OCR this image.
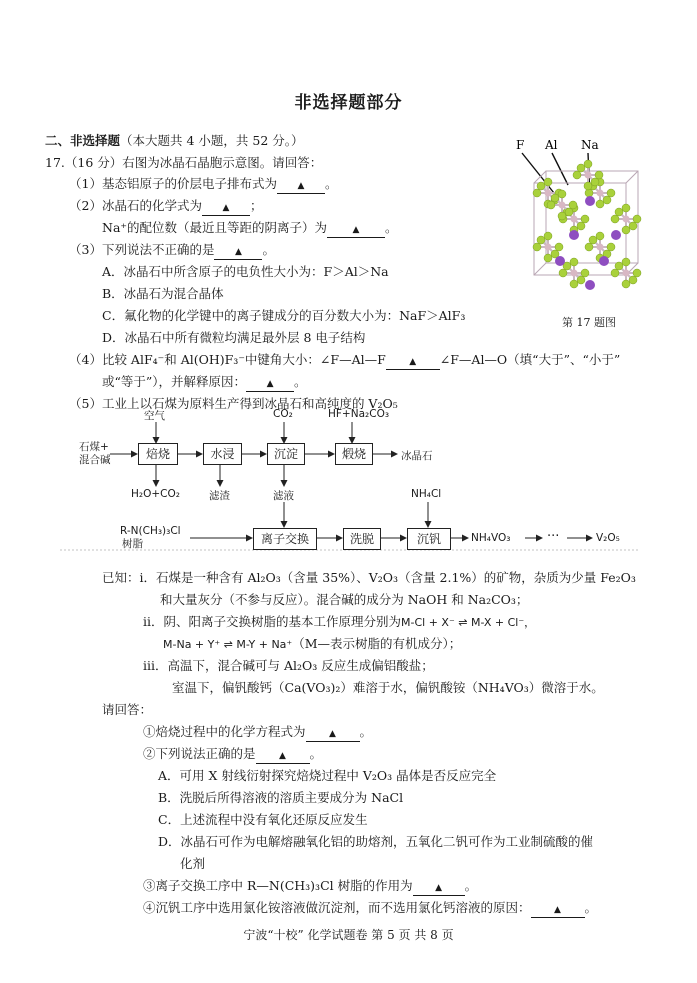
非选择题部分
二、非选择题（本大题共 4 小题，共 52 分。）
17.（16 分）右图为冰晶石晶胞示意图。请回答：
（1）基态铝原子的价层电子排布式为 ▲ 。
（2）冰晶石的化学式为 ▲ ；
Na⁺的配位数（最近且等距的阴离子）为	▲ 。
（3）下列说法不正确的是 ▲ 。
A．冰晶石中所含原子的电负性大小为：F＞Al＞Na
B．冰晶石为混合晶体
C．氟化物的化学键中的离子键成分的百分数大小为：NaF＞AlF₃
D．冰晶石中所有微粒均满足最外层 8 电子结构
（4）比较 AlF₄⁻和 Al(OH)F₃⁻中键角大小：∠F—Al—F	▲ ∠F—Al—O（填“大于”、“小于”
或“等于”），并解释原因： ▲ 。
（5）工业上以石煤为原料生产得到冰晶石和高纯度的 V₂O₅
F Al Na
第 17 题图
石煤+
混合碱	焙烧	水浸	沉淀	煅烧	冰晶石
空气	CO₂	HF+Na₂CO₃
H₂O+CO₂	滤渣	滤液
R-N(CH₃)₃Cl
树脂	离子交换	洗脱	沉钒
NH₄Cl
NH₄VO₃	···	V₂O₅
已知：i．石煤是一种含有 Al₂O₃（含量 35%）、V₂O₃（含量 2.1%）的矿物，杂质为少量 Fe₂O₃
和大量灰分（不参与反应）。混合碱的成分为 NaOH 和 Na₂CO₃；
ii．阴、阳离子交换树脂的基本工作原理分别为M-Cl + X⁻ ⇌ M-X + Cl⁻，
M-Na + Y⁺ ⇌ M-Y + Na⁺（M—表示树脂的有机成分）；
iii．高温下，混合碱可与 Al₂O₃ 反应生成偏铝酸盐；
室温下，偏钒酸钙（Ca(VO₃)₂）难溶于水，偏钒酸铵（NH₄VO₃）微溶于水。
请回答：
①焙烧过程中的化学方程式为	▲ 。
②下列说法正确的是	▲ 。
A．可用 X 射线衍射探究焙烧过程中 V₂O₃ 晶体是否反应完全
B．洗脱后所得溶液的溶质主要成分为 NaCl
C．上述流程中没有氧化还原反应发生
D．冰晶石可作为电解熔融氧化铝的助熔剂，五氧化二钒可作为工业制硫酸的催
化剂
③离子交换工序中 R—N(CH₃)₃Cl 树脂的作用为	▲ 。
④沉钒工序中选用氯化铵溶液做沉淀剂，而不选用氯化钙溶液的原因：	▲ 。
宁波“十校” 化学试题卷 第 5 页 共 8 页
